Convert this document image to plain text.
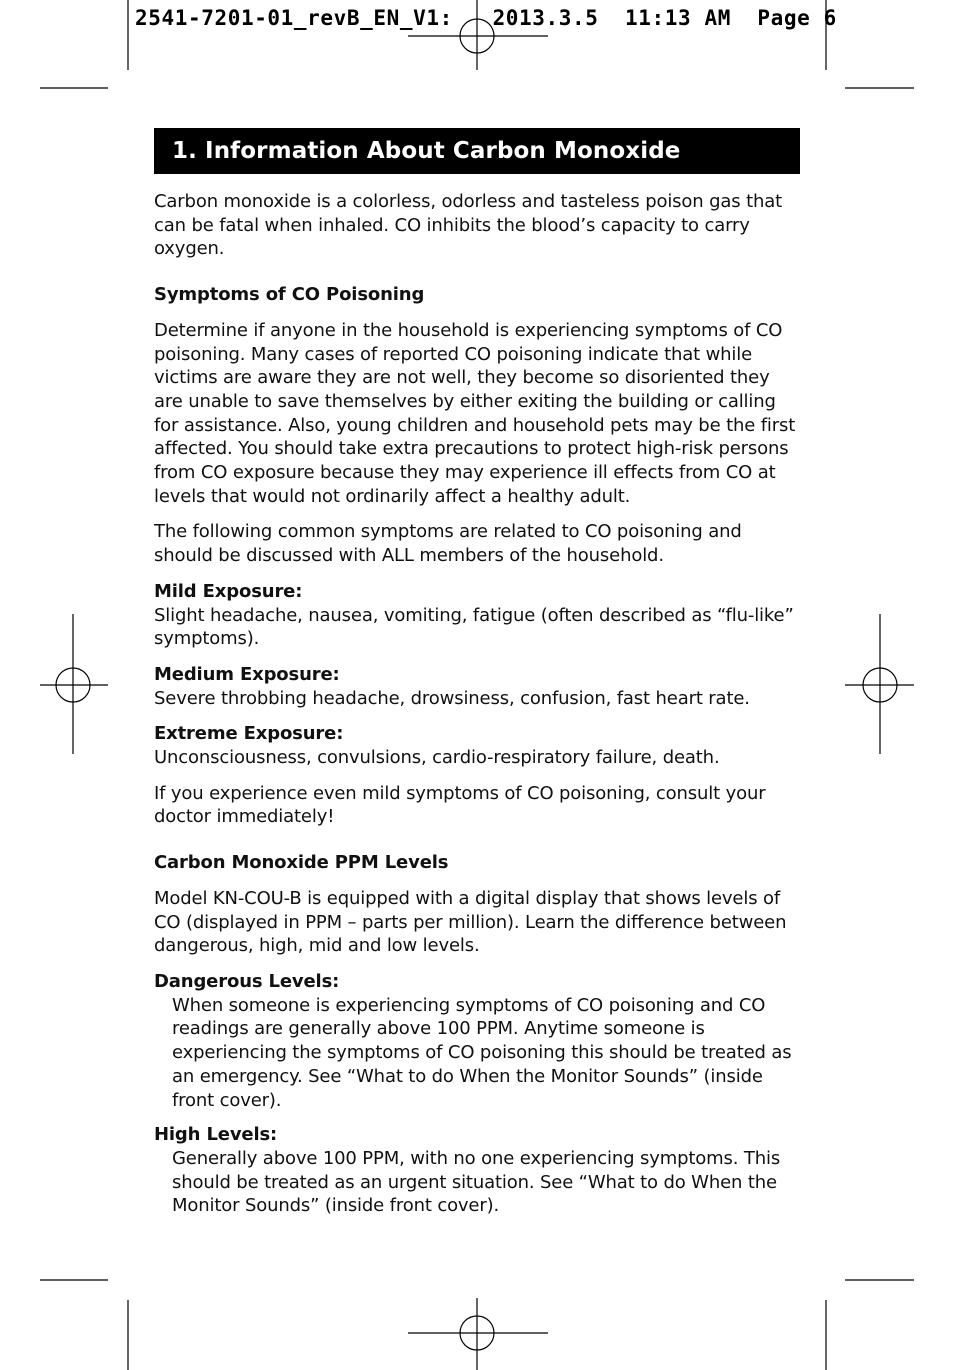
2541-7201-01_revB_EN_V1:   2013.3.5  11:13 AM  Page 6
1. Information About Carbon Monoxide

Carbon monoxide is a colorless, odorless and tasteless poison gas that can be fatal when inhaled. CO inhibits the blood’s capacity to carry oxygen.

Symptoms of CO Poisoning

Determine if anyone in the household is experiencing symptoms of CO poisoning. Many cases of reported CO poisoning indicate that while victims are aware they are not well, they become so disoriented they are unable to save themselves by either exiting the building or calling for assistance. Also, young children and household pets may be the first affected. You should take extra precautions to protect high-risk persons from CO exposure because they may experience ill effects from CO at levels that would not ordinarily affect a healthy adult.

The following common symptoms are related to CO poisoning and should be discussed with ALL members of the household.

Mild Exposure:

Slight headache, nausea, vomiting, fatigue (often described as “flu-like” symptoms).

Medium Exposure:

Severe throbbing headache, drowsiness, confusion, fast heart rate.

Extreme Exposure:

Unconsciousness, convulsions, cardio-respiratory failure, death.

If you experience even mild symptoms of CO poisoning, consult your doctor immediately!

Carbon Monoxide PPM Levels

Model KN-COU-B is equipped with a digital display that shows levels of CO (displayed in PPM – parts per million). Learn the difference between dangerous, high, mid and low levels.

Dangerous Levels:

When someone is experiencing symptoms of CO poisoning and CO readings are generally above 100 PPM. Anytime someone is experiencing the symptoms of CO poisoning this should be treated as an emergency. See “What to do When the Monitor Sounds” (inside front cover).

High Levels:

Generally above 100 PPM, with no one experiencing symptoms. This should be treated as an urgent situation. See “What to do When the Monitor Sounds” (inside front cover).
